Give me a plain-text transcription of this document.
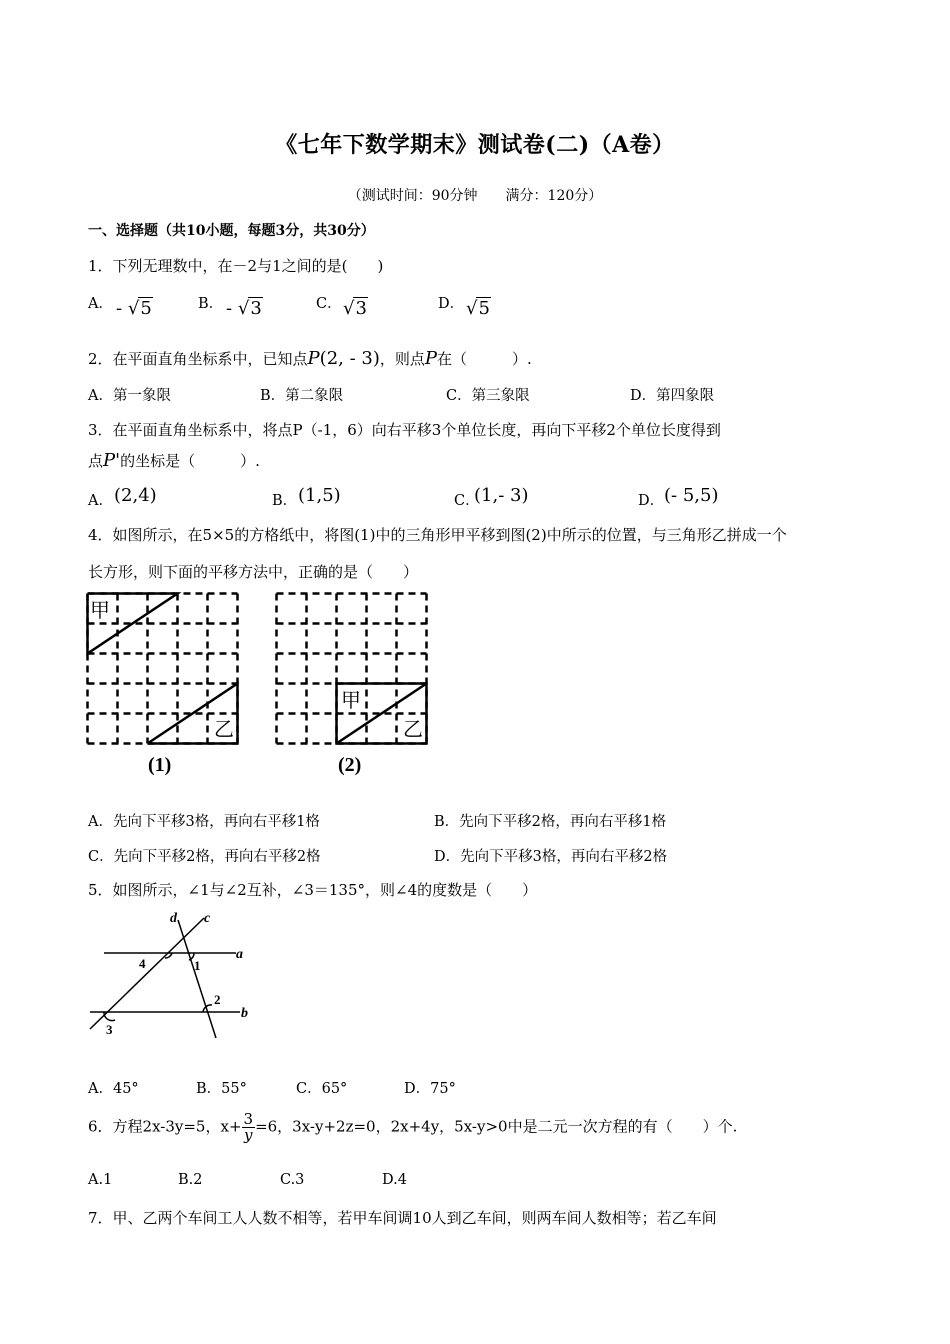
《七年下数学期末》测试卷(二)（A卷）
（测试时间：90分钟　　满分：120分）
一、选择题（共10小题，每题3分，共30分）
1．下列无理数中，在－2与1之间的是(　　)
A． - √5	B． - √3	C． √3	D． √5
2．在平面直角坐标系中，已知点P(2, - 3)，则点P在（　　　）.
A．第一象限	B．第二象限	C．第三象限	D．第四象限
3．在平面直角坐标系中，将点P（-1，6）向右平移3个单位长度，再向下平移2个单位长度得到
点P'的坐标是（　　　）.
A． (2,4)	B． (1,5)	C．
(1,- 3)	D． (- 5,5)
4．如图所示，在5×5的方格纸中，将图(1)中的三角形甲平移到图(2)中所示的位置，与三角形乙拼成一个
长方形，则下面的平移方法中，正确的是（　　）
甲
乙
(1)
甲
乙
(2)
A．先向下平移3格，再向右平移1格	B．先向下平移2格，再向右平移1格
C．先向下平移2格，再向右平移2格	D．先向下平移3格，再向右平移2格
5．如图所示，∠1与∠2互补，∠3＝135°，则∠4的度数是（　　）
d c
a
b
4	1
2
3
A．45°	B．55°	C．65°	D．75°
6．方程2x-3y=5，$x+ \frac{3}{y} =6$，3x-y+2z=0，2x+4y，5x-y>0中是二元一次方程的有（　　）个.
A.1	B.2	C.3	D.4
7．甲、乙两个车间工人人数不相等，若甲车间调10人到乙车间，则两车间人数相等；若乙车间
